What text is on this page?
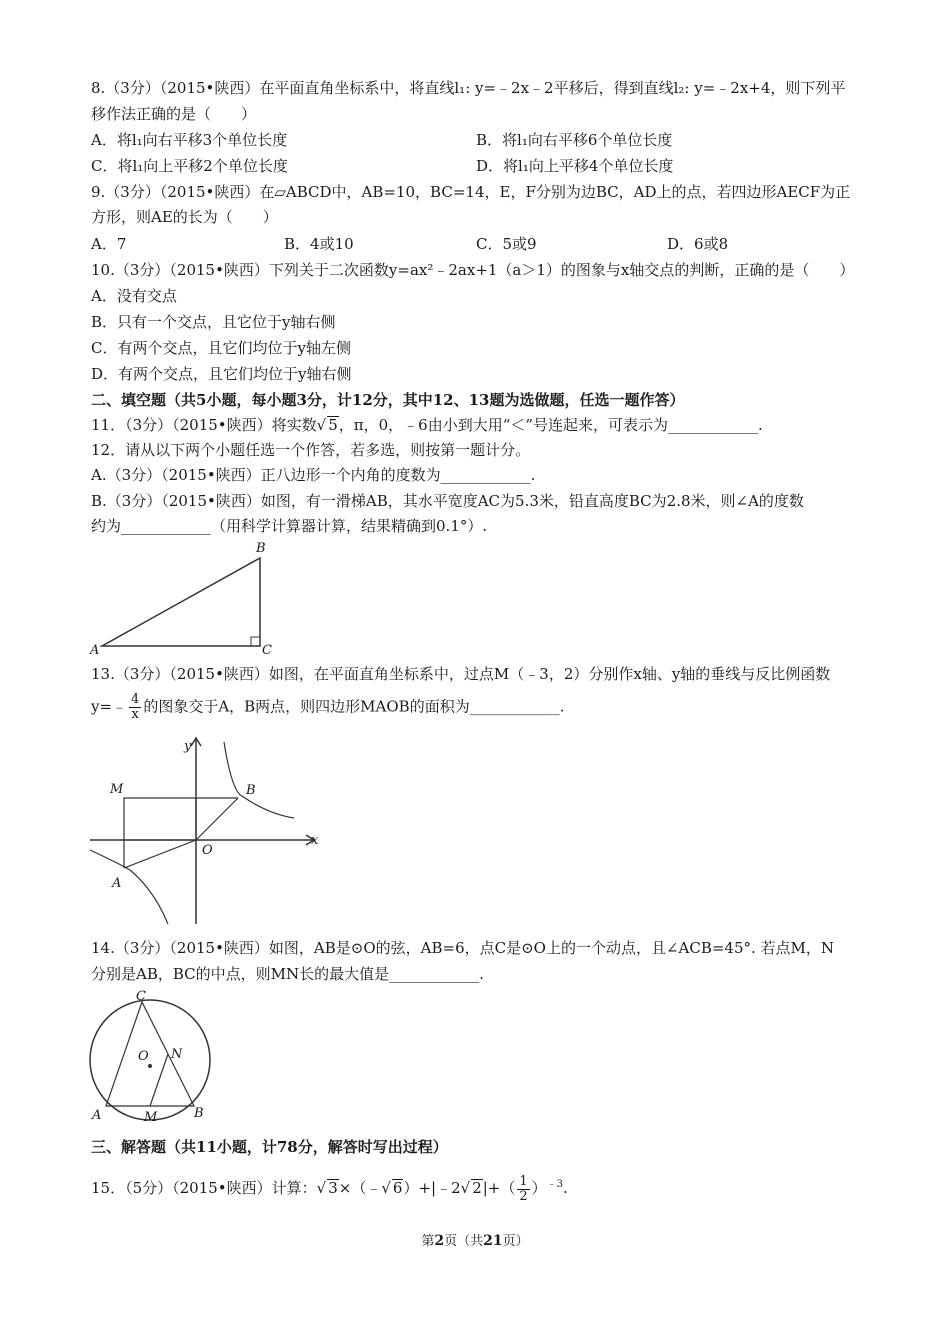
8.（3分）（2015•陕西）在平面直角坐标系中，将直线l₁: y=﹣2x﹣2平移后，得到直线l₂: y=﹣2x+4，则下列平
移作法正确的是（　　）
A．将l₁向右平移3个单位长度	B．将l₁向右平移6个单位长度
C．将l₁向上平移2个单位长度	D．将l₁向上平移4个单位长度
9.（3分）（2015•陕西）在▱ABCD中，AB=10，BC=14，E，F分别为边BC，AD上的点，若四边形AECF为正
方形，则AE的长为（　　）
A．7	B．4或10	C．5或9	D．6或8
10.（3分）（2015•陕西）下列关于二次函数y=ax²﹣2ax+1（a＞1）的图象与x轴交点的判断，正确的是（　　）
A．没有交点
B．只有一个交点，且它位于y轴右侧
C．有两个交点，且它们均位于y轴左侧
D．有两个交点，且它们均位于y轴右侧
二、填空题（共5小题，每小题3分，计12分，其中12、13题为选做题，任选一题作答）
11．（3分）（2015•陕西）将实数√ 5，π，0，﹣6由小到大用“＜”号连起来，可表示为____________.
12．请从以下两个小题任选一个作答，若多选，则按第一题计分。
A.（3分）（2015•陕西）正八边形一个内角的度数为____________.
B.（3分）（2015•陕西）如图，有一滑梯AB，其水平宽度AC为5.3米，铅直高度BC为2.8米，则∠A的度数
约为____________（用科学计算器计算，结果精确到0.1°）.
A
B
C
13.（3分）（2015•陕西）如图，在平面直角坐标系中，过点M（﹣3，2）分别作x轴、y轴的垂线与反比例函数
y=﹣ $\frac{4}{x}$ 的图象交于A，B两点，则四边形MAOB的面积为____________.
y
x
M	B
O
A
14.（3分）（2015•陕西）如图，AB是⊙O的弦，AB=6，点C是⊙O上的一个动点，且∠ACB=45°. 若点M，N
分别是AB，BC的中点，则MN长的最大值是____________.
C
O N
A	M	B
三、解答题（共11小题，计78分，解答时写出过程）
15．（5分）（2015•陕西）计算：√ 3×（﹣√ 6）+|﹣2√ $2|+( \frac{1}{2} )^{﹣3}$.
第2页（共21页）
